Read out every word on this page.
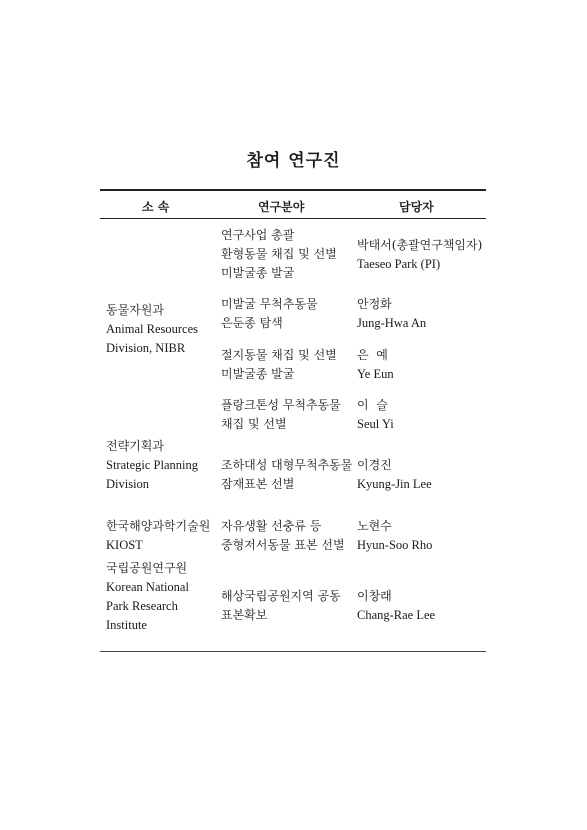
참여 연구진
소 속	연구분야	담당자
동물자원과
Animal Resources
Division, NIBR
전략기획과
Strategic Planning
Division
한국해양과학기술원
KIOST
국립공원연구원
Korean National
Park Research
Institute
연구사업 총괄
환형동물 채집 및 선별
미발굴종 발굴
박태서(총괄연구책임자)
Taeseo Park (PI)
미발굴 무척추동물
은둔종 탐색
안정화
Jung-Hwa An
절지동물 채집 및 선별
미발굴종 발굴
은  예
Ye Eun
플랑크톤성 무척추동물
채집 및 선별
이  슬
Seul Yi
조하대성 대형무척추동물
잠재표본 선별
이경진
Kyung-Jin Lee
자유생활 선충류 등
중형저서동물 표본 선별
노현수
Hyun-Soo Rho
해상국립공원지역 공동
표본확보
이창래
Chang-Rae Lee
